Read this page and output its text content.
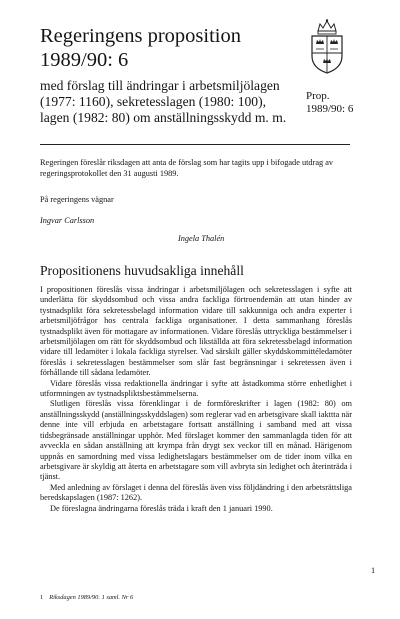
Regeringens proposition
1989/90: 6
med förslag till ändringar i arbetsmiljölagen
(1977: 1160), sekretesslagen (1980: 100),
lagen (1982: 80) om anställningsskydd m. m.
Prop.
1989/90: 6
Regeringen föreslår riksdagen att anta de förslag som har tagits upp i bifogade utdrag av regeringsprotokollet den 31 augusti 1989.
På regeringens vägnar
Ingvar Carlsson
Ingela Thalén
Propositionens huvudsakliga innehåll

I propositionen föreslås vissa ändringar i arbetsmiljölagen och sekretesslagen i syfte att underlätta för skyddsombud och vissa andra fackliga förtroendemän att utan hinder av tystnadsplikt föra sekretessbelagd information vidare till sakkunniga och andra experter i arbetsmiljöfrågor hos centrala fackliga organisationer. I detta sammanhang föreslås tystnadsplikt även för mottagare av informationen. Vidare föreslås uttryckliga bestämmelser i arbetsmiljölagen om rätt för skyddsombud och likställda att föra sekretessbelagd information vidare till ledamöter i lokala fackliga styrelser. Vad särskilt gäller skyddskommittéledamöter föreslås i sekretesslagen bestämmelser som slår fast begränsningar i sekretessen även i förhållande till sådana ledamöter.

Vidare föreslås vissa redaktionella ändringar i syfte att åstadkomma större enhetlighet i utformningen av tystnadspliktsbestämmelserna.

Slutligen föreslås vissa förenklingar i de formföreskrifter i lagen (1982: 80) om anställningsskydd (anställningsskyddslagen) som reglerar vad en arbetsgivare skall iakttta när denne inte vill erbjuda en arbetstagare fortsatt anställning i samband med att vissa tidsbegränsade anställningar upphör. Med förslaget kommer den sammanlagda tiden för att avveckla en sådan anställning att krympa från drygt sex veckor till en månad. Härigenom uppnås en samordning med vissa ledighetslagars bestämmelser om de tider inom vilka en arbetsgivare är skyldig att återta en arbetstagare som vill avbryta sin ledighet och återinträda i tjänst.

Med anledning av förslaget i denna del föreslås även viss följdändring i den arbetsrättsliga beredskapslagen (1987: 1262).

De föreslagna ändringarna föreslås träda i kraft den 1 januari 1990.

1
1 Riksdagen 1989/90. 1 saml. Nr 6
